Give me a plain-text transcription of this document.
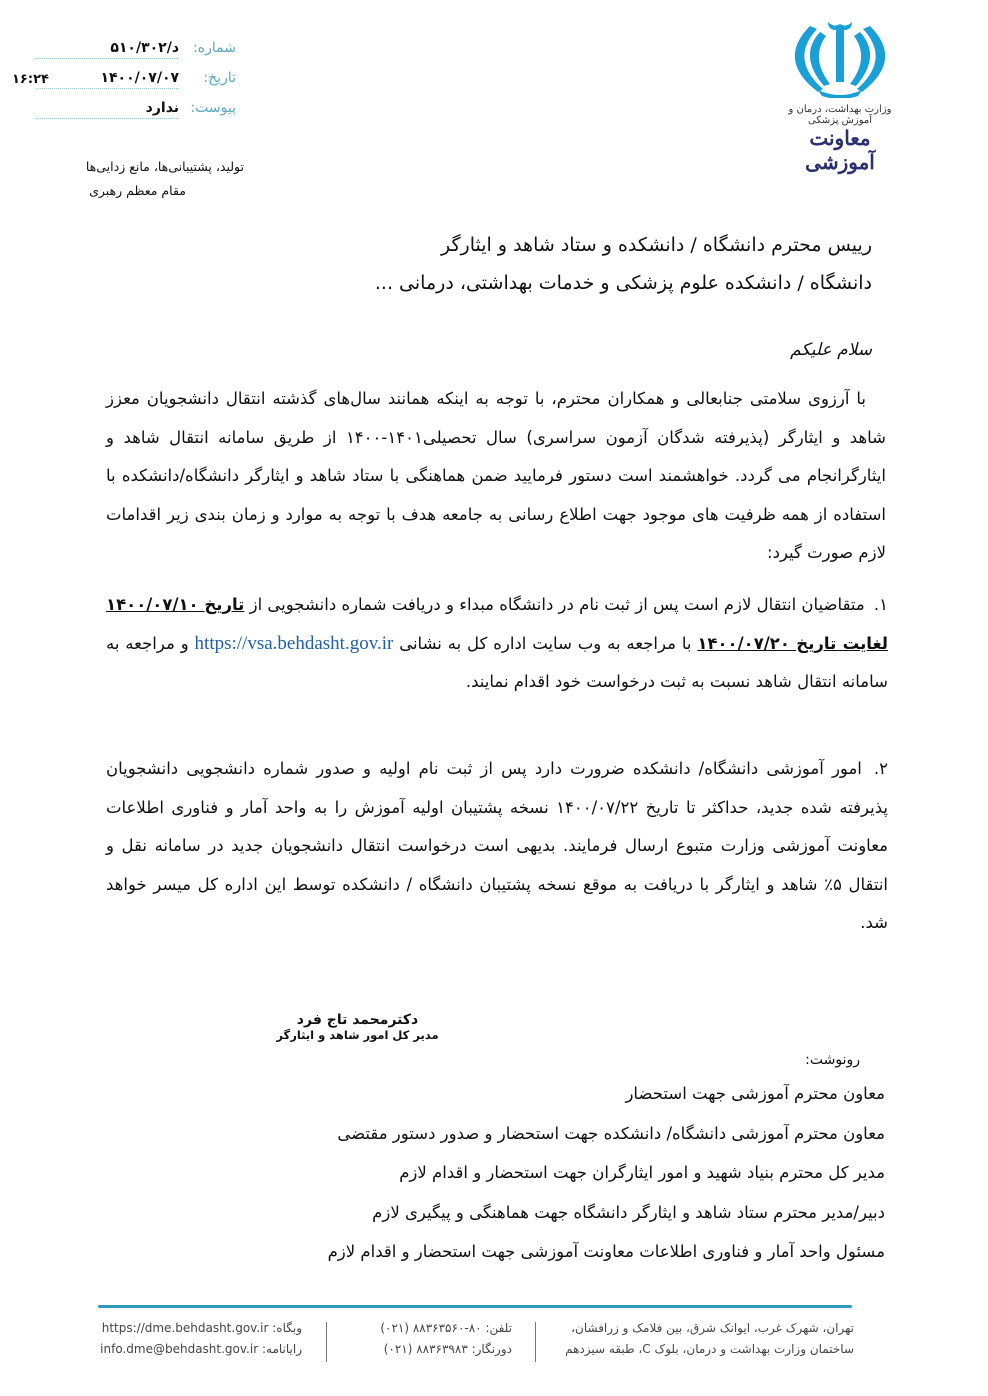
شماره:
د/۵۱۰/۳۰۲
تاریخ:
۱۴۰۰/۰۷/۰۷
پیوست:
ندارد
۱۶:۲۴
تولید، پشتیبانی‌ها، مانع زدایی‌ها
مقام معظم رهبری
وزارت بهداشت، درمان و آموزش پزشکی
معاونت آموزشی
رییس محترم دانشگاه / دانشکده و ستاد شاهد و ایثارگر
دانشگاه / دانشکده علوم پزشکی و خدمات بهداشتی، درمانی ...
سلام علیکم
با آرزوی سلامتی جنابعالی و همکاران محترم، با توجه به اینکه همانند سال‌های گذشته انتقال دانشجویان معزز شاهد و ایثارگر (پذیرفته شدگان آزمون سراسری) سال تحصیلی۱۴۰۱-۱۴۰۰ از طریق سامانه انتقال شاهد و ایثارگرانجام می گردد. خواهشمند است دستور فرمایید ضمن هماهنگی با ستاد شاهد و ایثارگر دانشگاه/دانشکده با استفاده از همه ظرفیت های موجود جهت اطلاع رسانی به جامعه هدف با توجه به موارد و زمان بندی زیر اقدامات لازم صورت گیرد:
۱. متقاضیان انتقال لازم است پس از ثبت نام در دانشگاه مبداء و دریافت شماره دانشجویی از تاریخ ۱۴۰۰/۰۷/۱۰ لغایت تاریخ ۱۴۰۰/۰۷/۲۰ با مراجعه به وب سایت اداره کل به نشانی https://vsa.behdasht.gov.ir و مراجعه به سامانه انتقال شاهد نسبت به ثبت درخواست خود اقدام نمایند.
۲. امور آموزشی دانشگاه/ دانشکده ضرورت دارد پس از ثبت نام اولیه و صدور شماره دانشجویی دانشجویان پذیرفته شده جدید، حداکثر تا تاریخ ۱۴۰۰/۰۷/۲۲ نسخه پشتیبان اولیه آموزش را به واحد آمار و فناوری اطلاعات معاونت آموزشی وزارت متبوع ارسال فرمایند. بدیهی است درخواست انتقال دانشجویان جدید در سامانه نقل و انتقال ۵٪ شاهد و ایثارگر با دریافت به موقع نسخه پشتیبان دانشگاه / دانشکده توسط این اداره کل میسر خواهد شد.
دکترمحمد تاج فرد
مدیر کل امور شاهد و ایثارگر
رونوشت:
معاون محترم آموزشی جهت استحضار
معاون محترم آموزشی دانشگاه/ دانشکده جهت استحضار و صدور دستور مقتضی
مدیر کل محترم بنیاد شهید و امور ایثارگران جهت استحضار و اقدام لازم
دبیر/مدیر محترم ستاد شاهد و ایثارگر دانشگاه جهت هماهنگی و پیگیری لازم
مسئول واحد آمار و فناوری اطلاعات معاونت آموزشی جهت استحضار و اقدام لازم
تهران، شهرک غرب، ایوانک شرق، بین فلامک و زرافشان،
ساختمان وزارت بهداشت و درمان، بلوک C، طبقه سیزدهم
تلفن: (۰۲۱) ۸۸۳۶۳۵۶۰-۸۰
دورنگار: (۰۲۱) ۸۸۳۶۳۹۸۳
وبگاه: https://dme.behdasht.gov.ir
رایانامه: info.dme@behdasht.gov.ir
